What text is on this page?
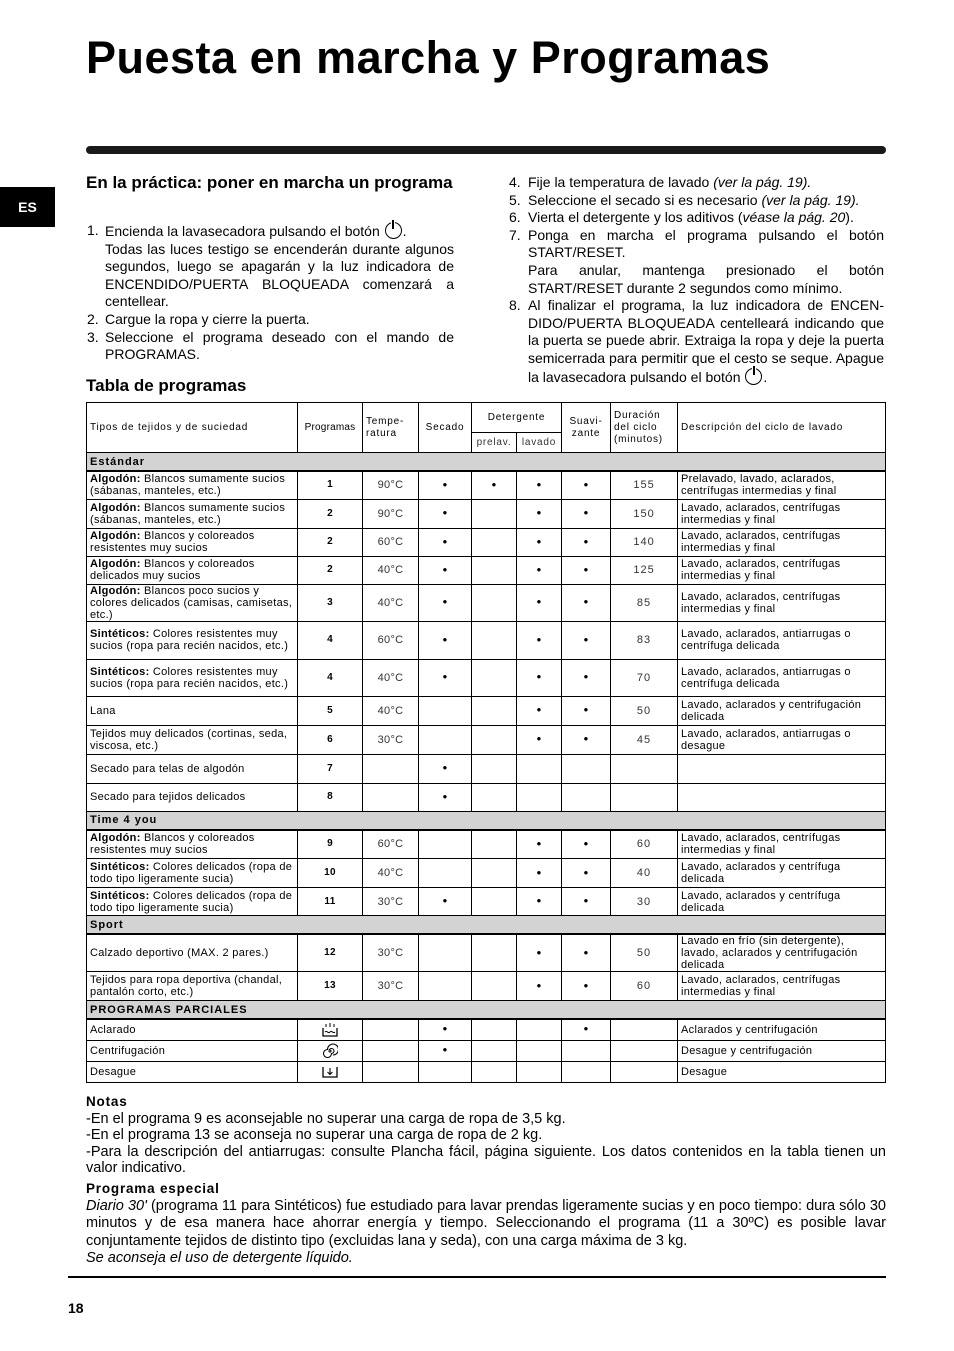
Puesta en marcha y Programas
ES
En la práctica: poner en marcha un programa
1. Encienda la lavasecadora pulsando el botón .
Todas las luces testigo se encenderán durante algunos segundos, luego se apagarán y la luz indicadora de ENCENDIDO/PUERTA BLOQUEADA comenzará a centellear.
2. Cargue la ropa y cierre la puerta.
3. Seleccione el programa deseado con el mando de PROGRAMAS.
4. Fije la temperatura de lavado (ver la pág. 19).
5. Seleccione el secado si es necesario (ver la pág. 19).
6. Vierta el detergente y los aditivos (véase la pág. 20).
7. Ponga en marcha el programa pulsando el botón START/RESET.
Para anular, mantenga presionado el botón START/RESET durante 2 segundos como mínimo.
8. Al finalizar el programa, la luz indicadora de ENCEN-DIDO/PUERTA BLOQUEADA centelleará indicando que la puerta se puede abrir. Extraiga la ropa y deje la puerta semicerrada para permitir que el cesto se seque. Apague la lavasecadora pulsando el botón .
Tabla de programas
Tipos de tejidos y de suciedad	Programas	Tempe-ratura	Secado	Detergente		Suavi-zante	Duración del ciclo (minutos)	Descripción del ciclo de lavado
				prelav.	lavado			
Estándar								
Algodón: Blancos sumamente sucios (sábanas, manteles, etc.)	1	90°C	•	•	•	•	155	Prelavado, lavado, aclarados, centrífugas intermedias y final
Algodón: Blancos sumamente sucios (sábanas, manteles, etc.)	2	90°C	•		•	•	150	Lavado, aclarados, centrífugas intermedias y final
Algodón: Blancos y coloreados resistentes muy sucios	2	60°C	•		•	•	140	Lavado, aclarados, centrífugas intermedias y final
Algodón: Blancos y coloreados delicados muy sucios	2	40°C	•		•	•	125	Lavado, aclarados, centrífugas intermedias y final
Algodón: Blancos poco sucios y colores delicados (camisas, camisetas, etc.)	3	40°C	•		•	•	85	Lavado, aclarados, centrífugas intermedias y final
Sintéticos: Colores resistentes muy sucios (ropa para recién nacidos, etc.)	4	60°C	•		•	•	83	Lavado, aclarados, antiarrugas o centrífuga delicada
Sintéticos: Colores resistentes muy sucios (ropa para recién nacidos, etc.)	4	40°C	•		•	•	70	Lavado, aclarados, antiarrugas o centrífuga delicada
Lana	5	40°C			•	•	50	Lavado, aclarados y centrifugación delicada
Tejidos muy delicados (cortinas, seda, viscosa, etc.)	6	30°C			•	•	45	Lavado, aclarados, antiarrugas o desague
Secado para telas de algodón	7		•					
Secado para tejidos delicados	8		•					
Time 4 you								
Algodón: Blancos y coloreados resistentes muy sucios	9	60°C			•	•	60	Lavado, aclarados, centrífugas intermedias y final
Sintéticos: Colores delicados (ropa de todo tipo ligeramente sucia)	10	40°C			•	•	40	Lavado, aclarados y centrífuga delicada
Sintéticos: Colores delicados (ropa de todo tipo ligeramente sucia)	11	30°C	•		•	•	30	Lavado, aclarados y centrífuga delicada
Sport								
Calzado deportivo (MAX. 2 pares.)	12	30°C			•	•	50	Lavado en frío (sin detergente), lavado, aclarados y centrifugación delicada
Tejidos para ropa deportiva (chandal, pantalón corto, etc.)	13	30°C			•	•	60	Lavado, aclarados, centrífugas intermedias y final
PROGRAMAS PARCIALES								
Aclarado			•			•		Aclarados y centrifugación
Centrifugación			•					Desague y centrifugación
Desague								Desague
Notas
-En el programa 9 es aconsejable no superar una carga de ropa de 3,5 kg.
-En el programa 13 se aconseja no superar una carga de ropa de 2 kg.
-Para la descripción del antiarrugas: consulte Plancha fácil, página siguiente. Los datos contenidos en la tabla tienen un valor indicativo.
Programa especial
Diario 30' (programa 11 para Sintéticos) fue estudiado para lavar prendas ligeramente sucias y en poco tiempo: dura sólo 30 minutos y de esa manera hace ahorrar energía y tiempo. Seleccionando el programa (11 a 30ºC) es posible lavar conjuntamente tejidos de distinto tipo (excluidas lana y seda), con una carga máxima de 3 kg.
Se aconseja el uso de detergente líquido.
18
